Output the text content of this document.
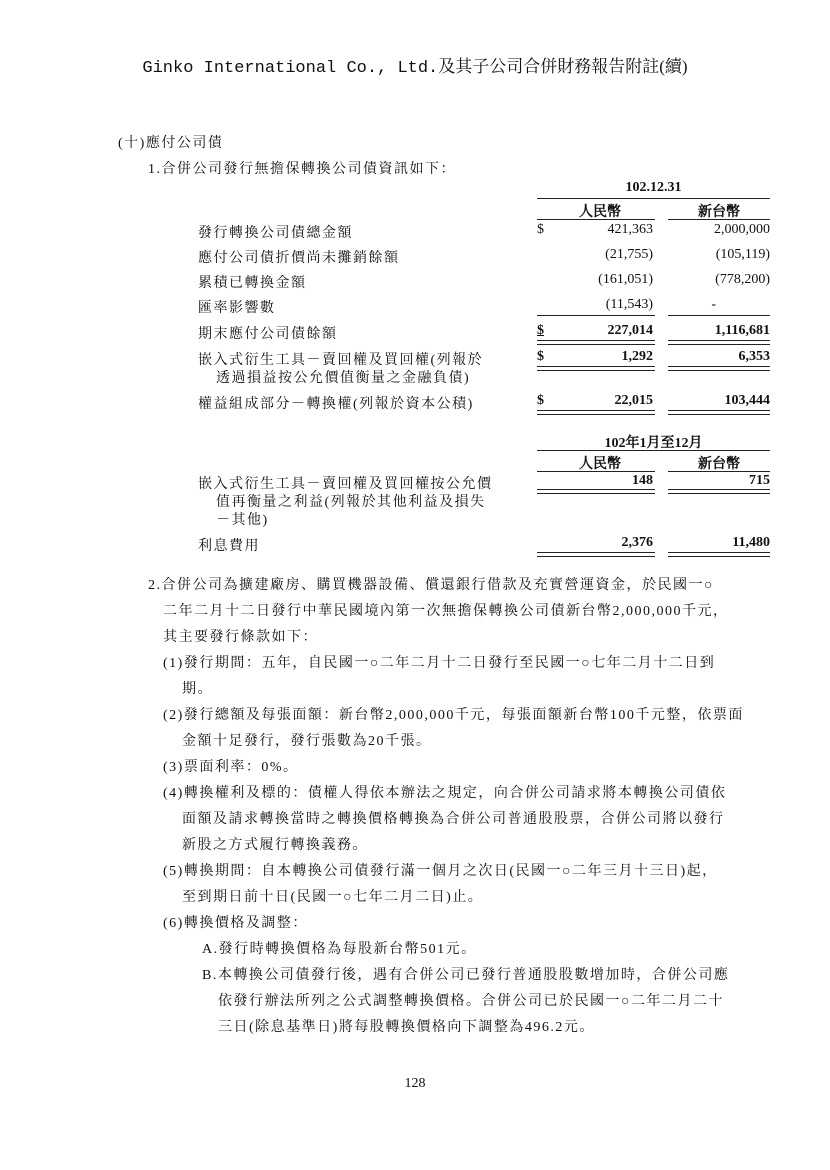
Ginko International Co., Ltd.及其子公司合併財務報告附註(續)
(十)應付公司債
1.合併公司發行無擔保轉換公司債資訊如下：
102.12.31
人民幣	新台幣
發行轉換公司債總金額	$	421,363	2,000,000
應付公司債折價尚未攤銷餘額	(21,755)	(105,119)
累積已轉換金額	(161,051)	(778,200)
匯率影響數	(11,543)	-
期末應付公司債餘額	$	227,014	1,116,681
嵌入式衍生工具－賣回權及買回權(列報於
透過損益按公允價值衡量之金融負債)
$	1,292	6,353
權益組成部分－轉換權(列報於資本公積)	$	22,015	103,444
102年1月至12月
人民幣	新台幣
嵌入式衍生工具－賣回權及買回權按公允價
值再衡量之利益(列報於其他利益及損失
－其他)
148	715
利息費用	2,376	11,480
2.合併公司為擴建廠房、購買機器設備、償還銀行借款及充實營運資金，於民國一○
二年二月十二日發行中華民國境內第一次無擔保轉換公司債新台幣2,000,000千元，
其主要發行條款如下：
(1)發行期間：五年，自民國一○二年二月十二日發行至民國一○七年二月十二日到
期。
(2)發行總額及每張面額：新台幣2,000,000千元，每張面額新台幣100千元整，依票面
金額十足發行，發行張數為20千張。
(3)票面利率：0%。
(4)轉換權利及標的：債權人得依本辦法之規定，向合併公司請求將本轉換公司債依
面額及請求轉換當時之轉換價格轉換為合併公司普通股股票，合併公司將以發行
新股之方式履行轉換義務。
(5)轉換期間：自本轉換公司債發行滿一個月之次日(民國一○二年三月十三日)起，
至到期日前十日(民國一○七年二月二日)止。
(6)轉換價格及調整：
A.發行時轉換價格為每股新台幣501元。
B.本轉換公司債發行後，遇有合併公司已發行普通股股數增加時，合併公司應
依發行辦法所列之公式調整轉換價格。合併公司已於民國一○二年二月二十
三日(除息基準日)將每股轉換價格向下調整為496.2元。
128
